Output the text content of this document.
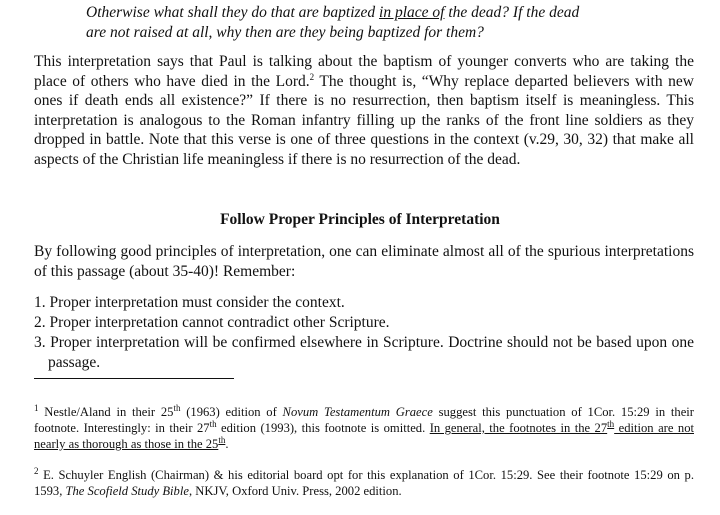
Otherwise what shall they do that are baptized in place of the dead? If the dead
are not raised at all, why then are they being baptized for them?
This interpretation says that Paul is talking about the baptism of younger converts who are taking the place of others who have died in the Lord.$^2$ The thought is, “Why replace departed believers with new ones if death ends all existence?” If there is no resurrection, then baptism itself is meaningless. This interpretation is analogous to the Roman infantry filling up the ranks of the front line soldiers as they dropped in battle. Note that this verse is one of three questions in the context (v.29, 30, 32) that make all aspects of the Christian life meaningless if there is no resurrection of the dead.
Follow Proper Principles of Interpretation
By following good principles of interpretation, one can eliminate almost all of the spurious interpretations of this passage (about 35-40)! Remember:
1. Proper interpretation must consider the context.
2. Proper interpretation cannot contradict other Scripture.
3. Proper interpretation will be confirmed elsewhere in Scripture. Doctrine should not be based upon one passage.
$^1$ Nestle/Aland in their 25th (1963) edition of Novum Testamentum Graece suggest this punctuation of 1Cor. 15:29 in their footnote. Interestingly: in their 27th edition (1993), this footnote is omitted. In general, the footnotes in the 27th edition are not nearly as thorough as those in the 25th.
$^2$ E. Schuyler English (Chairman) & his editorial board opt for this explanation of 1Cor. 15:29. See their footnote 15:29 on p. 1593, The Scofield Study Bible, NKJV, Oxford Univ. Press, 2002 edition.
